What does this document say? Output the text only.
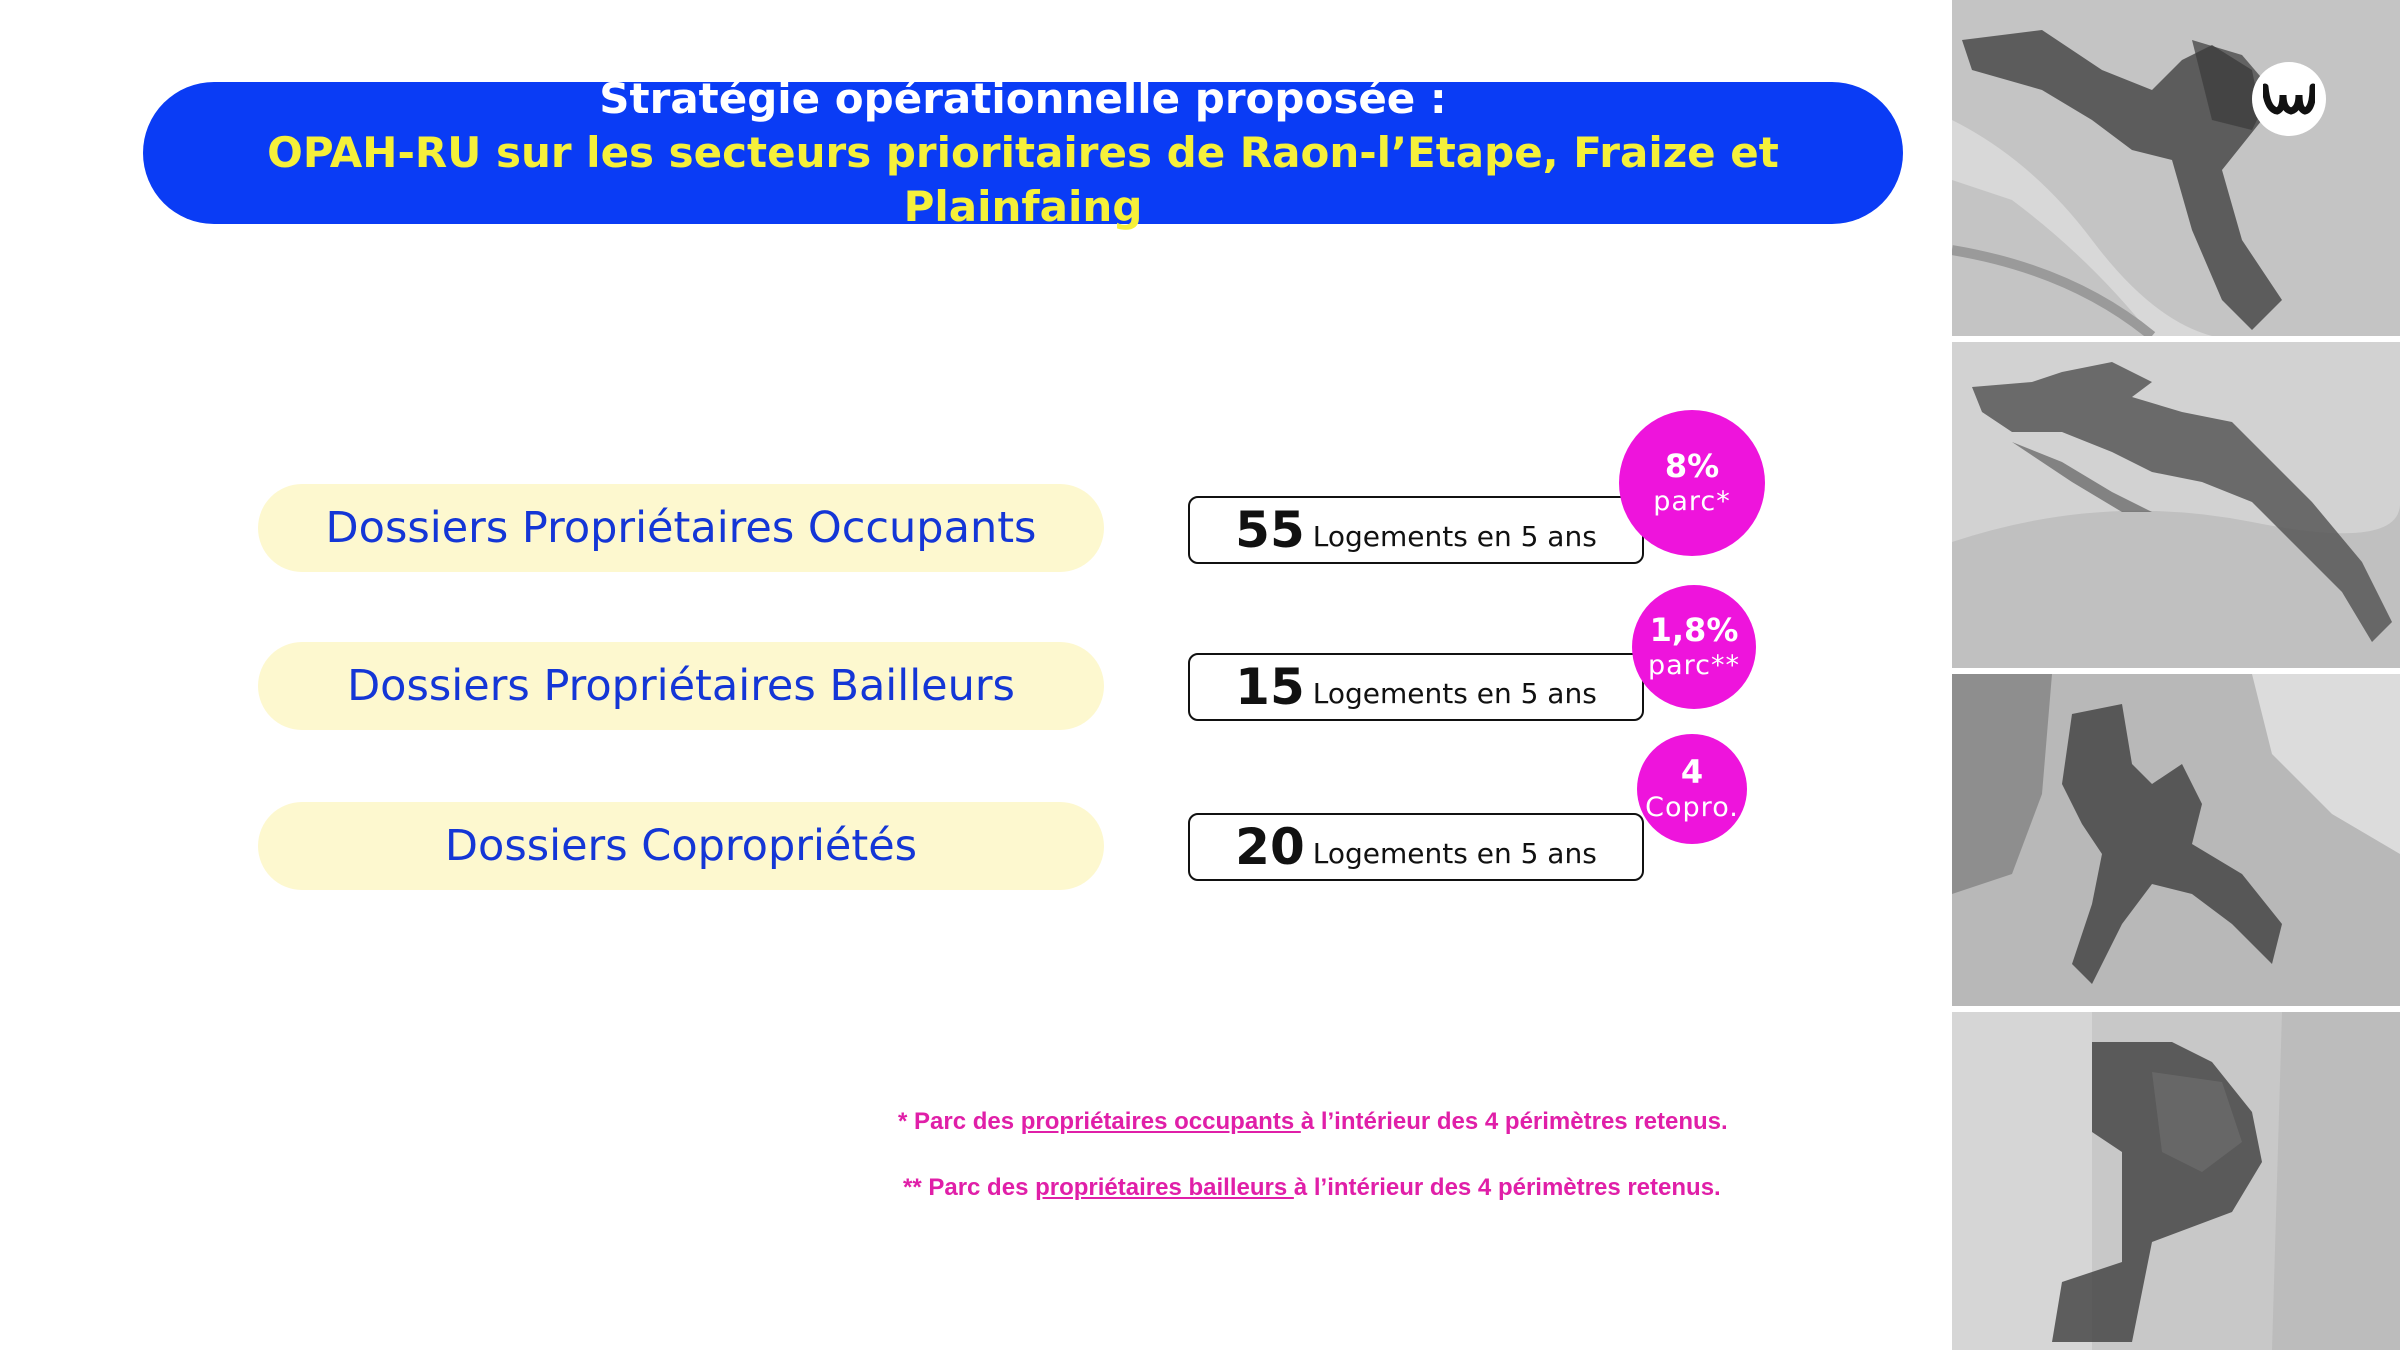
Stratégie opérationnelle proposée :
OPAH-RU sur les secteurs prioritaires de Raon-l’Etape, Fraize et Plainfaing
Dossiers Propriétaires Occupants	55 Logements en 5 ans
8%
parc*
Dossiers Propriétaires Bailleurs	15 Logements en 5 ans
1,8%
parc**
Dossiers Copropriétés	20 Logements en 5 ans
4
Copro.
* Parc des propriétaires occupants à l’intérieur des 4 périmètres retenus.
** Parc des propriétaires bailleurs à l’intérieur des 4 périmètres retenus.
